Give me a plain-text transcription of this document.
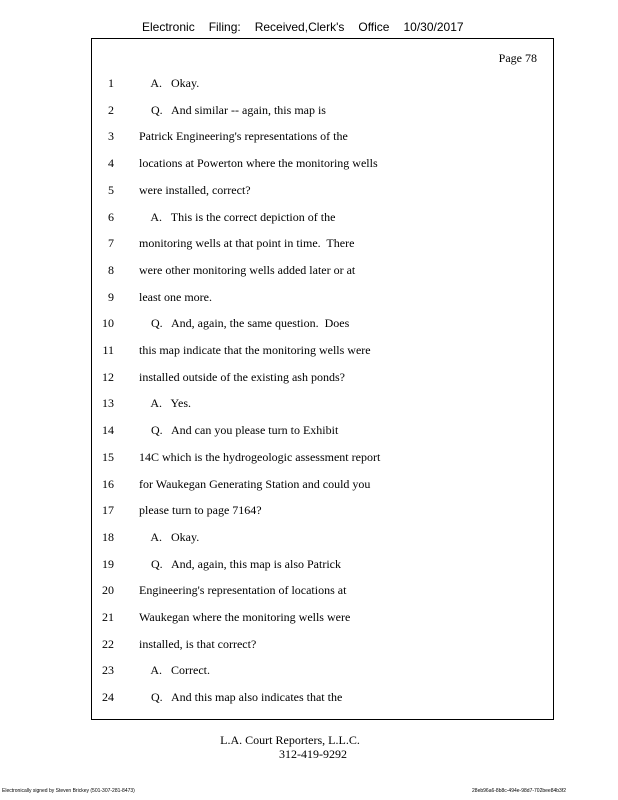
Electronic Filing: Received,Clerk's Office 10/30/2017
Page 78
1 A.   Okay.
2 Q.   And similar -- again, this map is
3 Patrick Engineering's representations of the
4 locations at Powerton where the monitoring wells
5 were installed, correct?
6 A.   This is the correct depiction of the
7 monitoring wells at that point in time.  There
8 were other monitoring wells added later or at
9 least one more.
10 Q.   And, again, the same question.  Does
11 this map indicate that the monitoring wells were
12 installed outside of the existing ash ponds?
13 A.   Yes.
14 Q.   And can you please turn to Exhibit
15 14C which is the hydrogeologic assessment report
16 for Waukegan Generating Station and could you
17 please turn to page 7164?
18 A.   Okay.
19 Q.   And, again, this map is also Patrick
20 Engineering's representation of locations at
21 Waukegan where the monitoring wells were
22 installed, is that correct?
23 A.   Correct.
24 Q.   And this map also indicates that the
L.A. Court Reporters, L.L.C.
312-419-9292
Electronically signed by Steven Brickey (501-307-281-8473)	28eb96a6-8b8c-494e-98d7-702bee84b3f2
